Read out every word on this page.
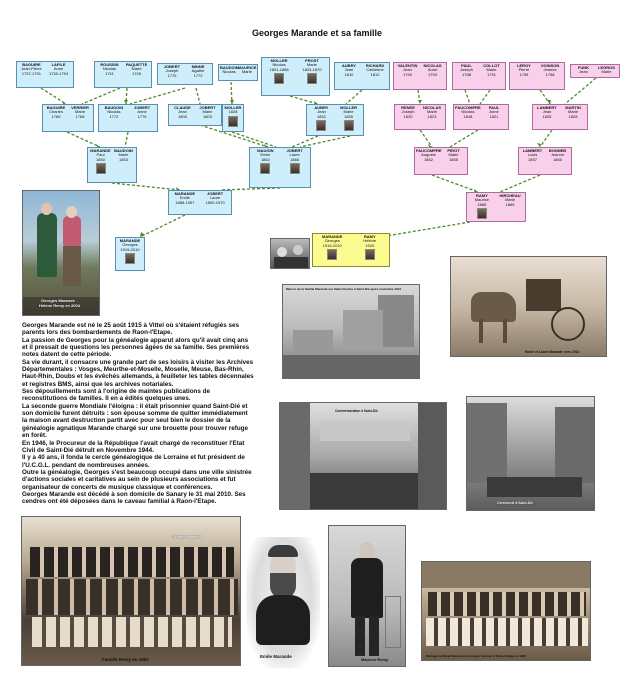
Georges Marande et sa famille
BAGUIRE
Jean-Pierre
1737-1791
LAFILE
Anne
1739-1794
ROUSSIN
Nicolas
1741
PAQUETTE
Marie
1745
JOBERT
Joseph
1770
MINNE
Agathe
1772
BAUDOIN
Nicolas
MAURICE
Marie
MOLLER
Nicolas
1801-1868
PROST
Marie
1803-1870
AUBRY
Jean
1810
RICHARD
Catherine
1812
VALENTIN
Jean
1790
NICOLAS
Anne
1793
PAUL
Joseph
1788
COLLOT
Marie
1791
LEROY
Pierre
1795
VOINSON
Jeanne
1798
FUNK
Jean
LEGROS
Marie
BAGUIRE
Charles
1765
VERRIER
Marie
1768
BAUDOIN
Nicolas
1772
JOBERT
Anne
1775
CLAUDE
Jean
1800
JOBERT
Marie
1803
MOLLER
1828
AUBRY
Jean
1832
MOLLER
Marie
1835
RENEE
Joseph
1820
NICOLAS
Marie
1823
FAUCOMPRE
Nicolas
1818
PAUL
Anne
1821
LAMBERT
Jean
1825
MARTIN
Marie
1828
MARANDE
Paul
1850
BAUDOIN
Marie
1853
MAUGIN
Emile
1862
JOBERT
Laure
1866
FAUCOMPRE
Auguste
1852
PIROT
Marie
1855
LAMBERT
Louis
1857
BONNEB
Jeanne
1860
MARANDE
Emile
1888-1957
JOBERT
Laure
1890-1970
RAMY
Maurice
1885
HIRCHEAU
Marie
1889
MARANDE
Georges
1915-2010
MARANDE
Georges
1915-2010
RAMY
Hélène
1920
Georges Marande
Hélène Remy en 2004
Maison de la famille Marande rue Saint-Charles à Saint-Dié après novembre 1944
Emile et Laure Marande vers 1910
Commémoration à Saint-Dié
Cérémonie à Saint-Dié

Georges Marande est né le 25 août 1915 à Vittel où s'étaient réfugiés ses parents lors des bombardements de Raon-l'Etape.

La passion de Georges pour la généalogie apparut alors qu'il avait cinq ans et il pressait de questions les personnes âgées de sa famille. Ses premières notes datent de cette période.

Sa vie durant, il consacre une grande part de ses loisirs à visiter les Archives Départementales : Vosges, Meurthe-et-Moselle, Moselle, Meuse, Bas-Rhin, Haut-Rhin, Doubs et les évêchés allemands, à feuilleter les tables décennales et registres BMS, ainsi que les archives notariales.

Ses dépouillements sont à l'origine de maintes publications de reconstitutions de familles. Il en a édités quelques unes.

La seconde guerre Mondiale l'éloigna : il était prisonnier quand Saint-Dié et son domicile furent détruits : son épouse somme de quitter immédiatement la maison avant destruction partit avec pour seul bien le dossier de la généalogie agnatique Marande chargé sur une brouette pour trouver refuge en forêt.

En 1946, le Procureur de la République l'avait chargé de reconstituer l'Etat Civil de Saint-Dié détruit en Novembre 1944.

Il y a 40 ans, il fonda le cercle généalogique de Lorraine et fut président de l'U.C.G.L. pendant de nombreuses années.

Outre la généalogie, Georges s'est beaucoup occupé dans une ville sinistrée d'actions sociales et caritatives au sein de plusieurs associations et fut organisateur de concerts de musique classique et conférences.

Georges Marande est décédé à son domicile de Sanary le 31 mai 2010. Ses cendres ont été déposées dans le caveau familial à Raon-l'Etape.

Georges Marande
Famille Remy en 1957
Emile Marande
Maurice Remy
Mariage de Marie Marande et Georges Gardner à Raon-l'Etape en 1920
